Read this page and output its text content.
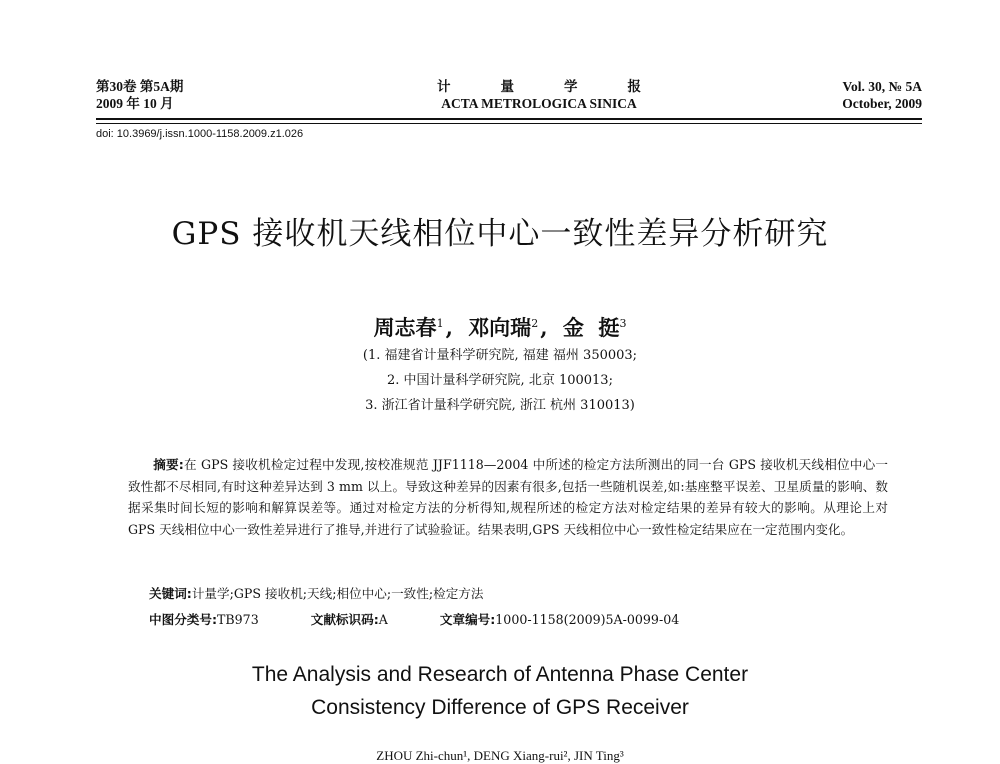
第30卷 第5A期
2009 年 10 月
计量学报
ACTA METROLOGICA SINICA
Vol. 30, № 5A
October, 2009
doi: 10.3969/j.issn.1000-1158.2009.z1.026
GPS 接收机天线相位中心一致性差异分析研究
周志春$^1$, 邓向瑞$^2$, 金  挺$^3$
(1. 福建省计量科学研究院, 福建 福州 350003;
2. 中国计量科学研究院, 北京 100013;
3. 浙江省计量科学研究院, 浙江 杭州 310013)

摘要:在 GPS 接收机检定过程中发现,按校准规范 JJF1118—2004 中所述的检定方法所测出的同一台 GPS 接收机天线相位中心一致性都不尽相同,有时这种差异达到 3 mm 以上。导致这种差异的因素有很多,包括一些随机误差,如:基座整平误差、卫星质量的影响、数据采集时间长短的影响和解算误差等。通过对检定方法的分析得知,规程所述的检定方法对检定结果的差异有较大的影响。从理论上对 GPS 天线相位中心一致性差异进行了推导,并进行了试验验证。结果表明,GPS 天线相位中心一致性检定结果应在一定范围内变化。

关键词:计量学;GPS 接收机;天线;相位中心;一致性;检定方法
中图分类号:TB973	文献标识码:A	文章编号:1000-1158(2009)5A-0099-04
The Analysis and Research of Antenna Phase Center
Consistency Difference of GPS Receiver
ZHOU Zhi-chun¹, DENG Xiang-rui², JIN Ting³
